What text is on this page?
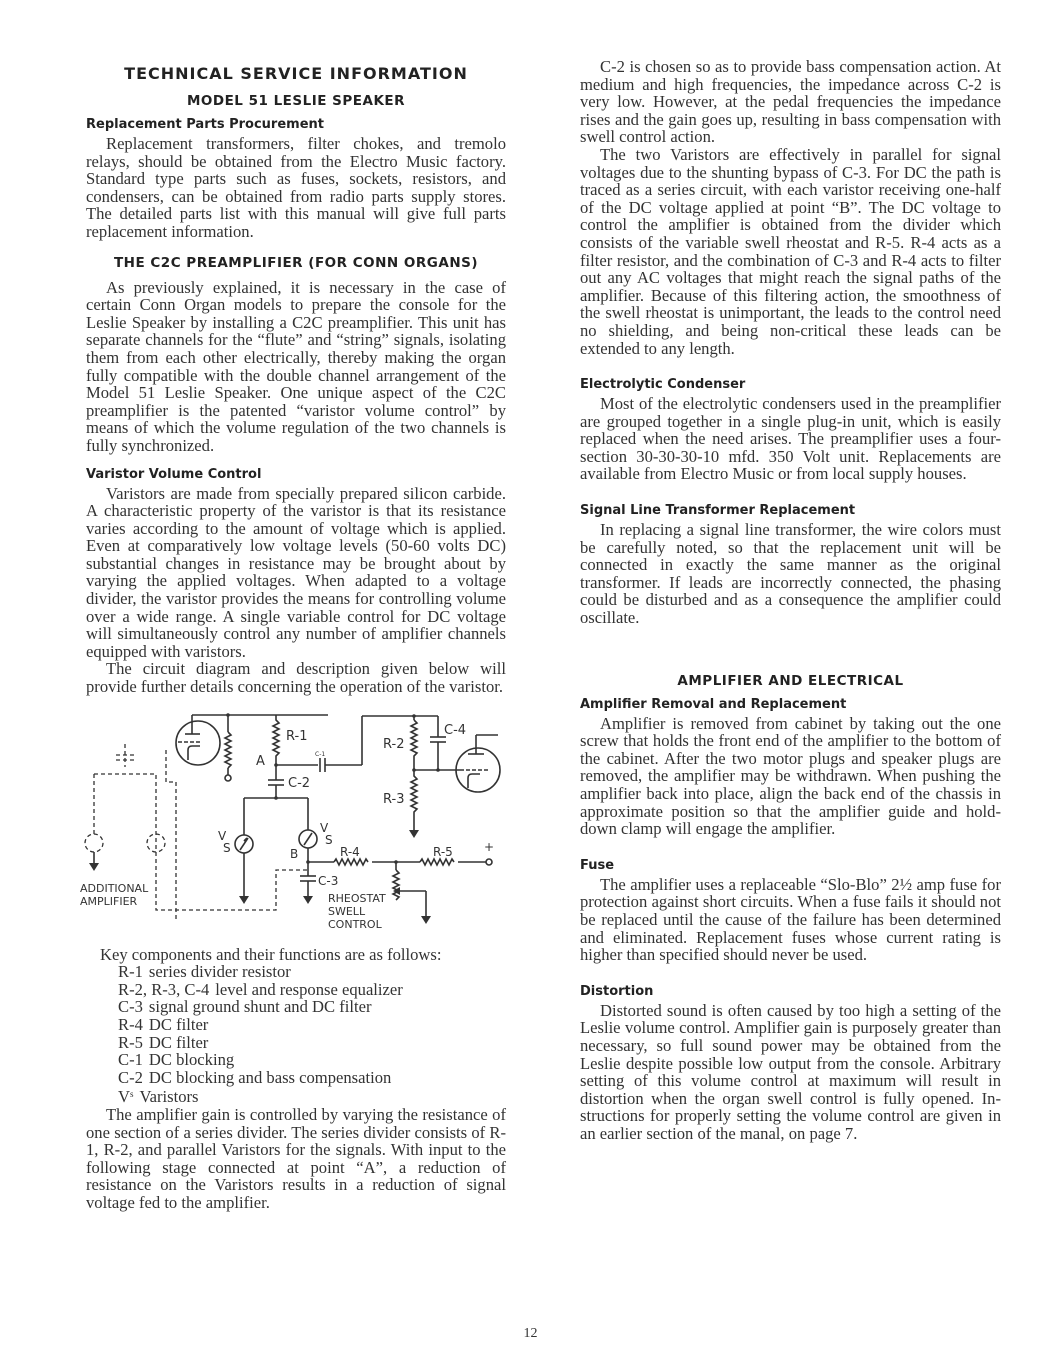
TECHNICAL SERVICE INFORMATION
MODEL 51 LESLIE SPEAKER
Replacement Parts Procurement

Replacement transformers, filter chokes, and tremolo relays, should be obtained from the Electro Music factory. Standard type parts such as fuses, sockets, resistors, and condensers, can be obtained from radio parts supply stores. The detailed parts list with this manual will give full parts replacement information.

THE C2C PREAMPLIFIER (FOR CONN ORGANS)

As previously explained, it is necessary in the case of certain Conn Organ models to prepare the console for the Leslie Speaker by installing a C2C preamplifier. This unit has separate channels for the “flute” and “string” signals, isolating them from each other electrically, thereby making the organ fully compatible with the double channel arrangement of the Model 51 Leslie Speaker. One unique aspect of the C2C preamplifier is the patented “varistor volume control” by means of which the volume regulation of the two channels is fully synchronized.

Varistor Volume Control

Varistors are made from specially prepared silicon carbide. A characteristic property of the varistor is that its resistance varies according to the amount of voltage which is applied. Even at comparatively low voltage levels (50-60 volts DC) substantial changes in resistance may be brought about by varying the applied voltages. When adapted to a voltage divider, the varistor provides the means for controlling volume over a wide range. A single variable control for DC voltage will simultaneously control any number of amplifier channels equipped with varistors.

The circuit diagram and description given below will provide further details concerning the operation of the varistor.

R-1
A	C-1
C-2
R-2
R-3
C-4
V
S
V
S
B	R-4	R-5	+
C-3
RHEOSTAT
SWELL
CONTROL
ADDITIONAL
AMPLIFIER

Key components and their functions are as follows:

R-1 series divider resistor
R-2, R-3, C-4 level and response equalizer
C-3 signal ground shunt and DC filter
R-4 DC filter
R-5 DC filter
C-1 DC blocking
C-2 DC blocking and bass compensation
$V^s$ Varistors

The amplifier gain is controlled by varying the resistance of one section of a series divider. The series divider consists of R-1, R-2, and parallel Varistors for the signals. With input to the following stage connected at point “A”, a reduction of resistance on the Varistors results in a reduction of signal voltage fed to the amplifier.

C-2 is chosen so as to provide bass compensation action. At medium and high frequencies, the impedance across C-2 is very low. However, at the pedal frequencies the impedance rises and the gain goes up, resulting in bass compensation with swell control action.

The two Varistors are effectively in parallel for signal voltages due to the shunting bypass of C-3. For DC the path is traced as a series circuit, with each varistor receiving one-half of the DC voltage applied at point “B”. The DC voltage to control the amplifier is obtained from the divider which consists of the variable swell rheostat and R-5. R-4 acts as a filter resistor, and the combination of C-3 and R-4 acts to filter out any AC voltages that might reach the signal paths of the amplifier. Because of this filtering action, the smoothness of the swell rheostat is unimportant, the leads to the control need no shielding, and being non-critical these leads can be extended to any length.

Electrolytic Condenser

Most of the electrolytic condensers used in the preamplifier are grouped together in a single plug-in unit, which is easily replaced when the need arises. The preamplifier uses a four-section 30-30-30-10 mfd. 350 Volt unit. Replacements are available from Electro Music or from local supply houses.

Signal Line Transformer Replacement

In replacing a signal line transformer, the wire colors must be carefully noted, so that the replacement unit will be connected in exactly the same manner as the original transformer. If leads are incorrectly connected, the phasing could be disturbed and as a consequence the amplifier could oscillate.

AMPLIFIER AND ELECTRICAL
Amplifier Removal and Replacement

Amplifier is removed from cabinet by taking out the one screw that holds the front end of the amplifier to the bottom of the cabinet. After the two motor plugs and speaker plugs are removed, the amplifier may be withdrawn. When pushing the amplifier back into place, align the back end of the chassis in approximate position so that the amplifier guide and hold-down clamp will engage the amplifier.

Fuse

The amplifier uses a replaceable “Slo-Blo” 2½ amp fuse for protection against short circuits. When a fuse fails it should not be replaced until the cause of the failure has been determined and eliminated. Replacement fuses whose current rating is higher than specified should never be used.

Distortion

Distorted sound is often caused by too high a setting of the Leslie volume control. Amplifier gain is purposely greater than necessary, so full sound power may be obtained from the Leslie despite possible low output from the console. Arbitrary setting of this volume control at maximum will result in distortion when the organ swell control is fully opened. Instructions for properly setting the volume control are given in an earlier section of the manal, on page 7.

12
